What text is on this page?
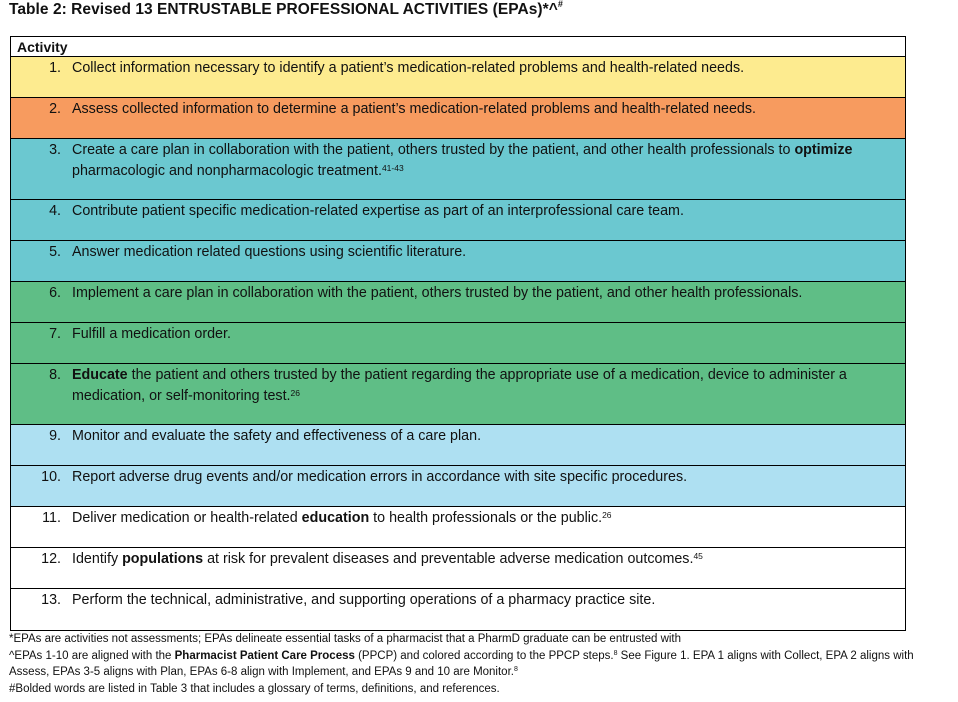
Table 2: Revised 13 ENTRUSTABLE PROFESSIONAL ACTIVITIES (EPAs)*^#
Activity
1. Collect information necessary to identify a patient’s medication-related problems and health-related needs.
2. Assess collected information to determine a patient’s medication-related problems and health-related needs.
3. Create a care plan in collaboration with the patient, others trusted by the patient, and other health professionals to optimize pharmacologic and nonpharmacologic treatment.$^{41-43}$
4. Contribute patient specific medication-related expertise as part of an interprofessional care team.
5. Answer medication related questions using scientific literature.
6. Implement a care plan in collaboration with the patient, others trusted by the patient, and other health professionals.
7. Fulfill a medication order.
8. Educate the patient and others trusted by the patient regarding the appropriate use of a medication, device to administer a medication, or self-monitoring test.$^{26}$
9. Monitor and evaluate the safety and effectiveness of a care plan.
10. Report adverse drug events and/or medication errors in accordance with site specific procedures.
11. Deliver medication or health-related education to health professionals or the public.$^{26}$
12. Identify populations at risk for prevalent diseases and preventable adverse medication outcomes.$^{45}$
13. Perform the technical, administrative, and supporting operations of a pharmacy practice site.
*EPAs are activities not assessments; EPAs delineate essential tasks of a pharmacist that a PharmD graduate can be entrusted with
^EPAs 1-10 are aligned with the Pharmacist Patient Care Process (PPCP) and colored according to the PPCP steps.$^8$ See Figure 1. EPA 1 aligns with Collect, EPA 2 aligns with
Assess, EPAs 3-5 aligns with Plan, EPAs 6-8 align with Implement, and EPAs 9 and 10 are Monitor.$^8$
#Bolded words are listed in Table 3 that includes a glossary of terms, definitions, and references.
